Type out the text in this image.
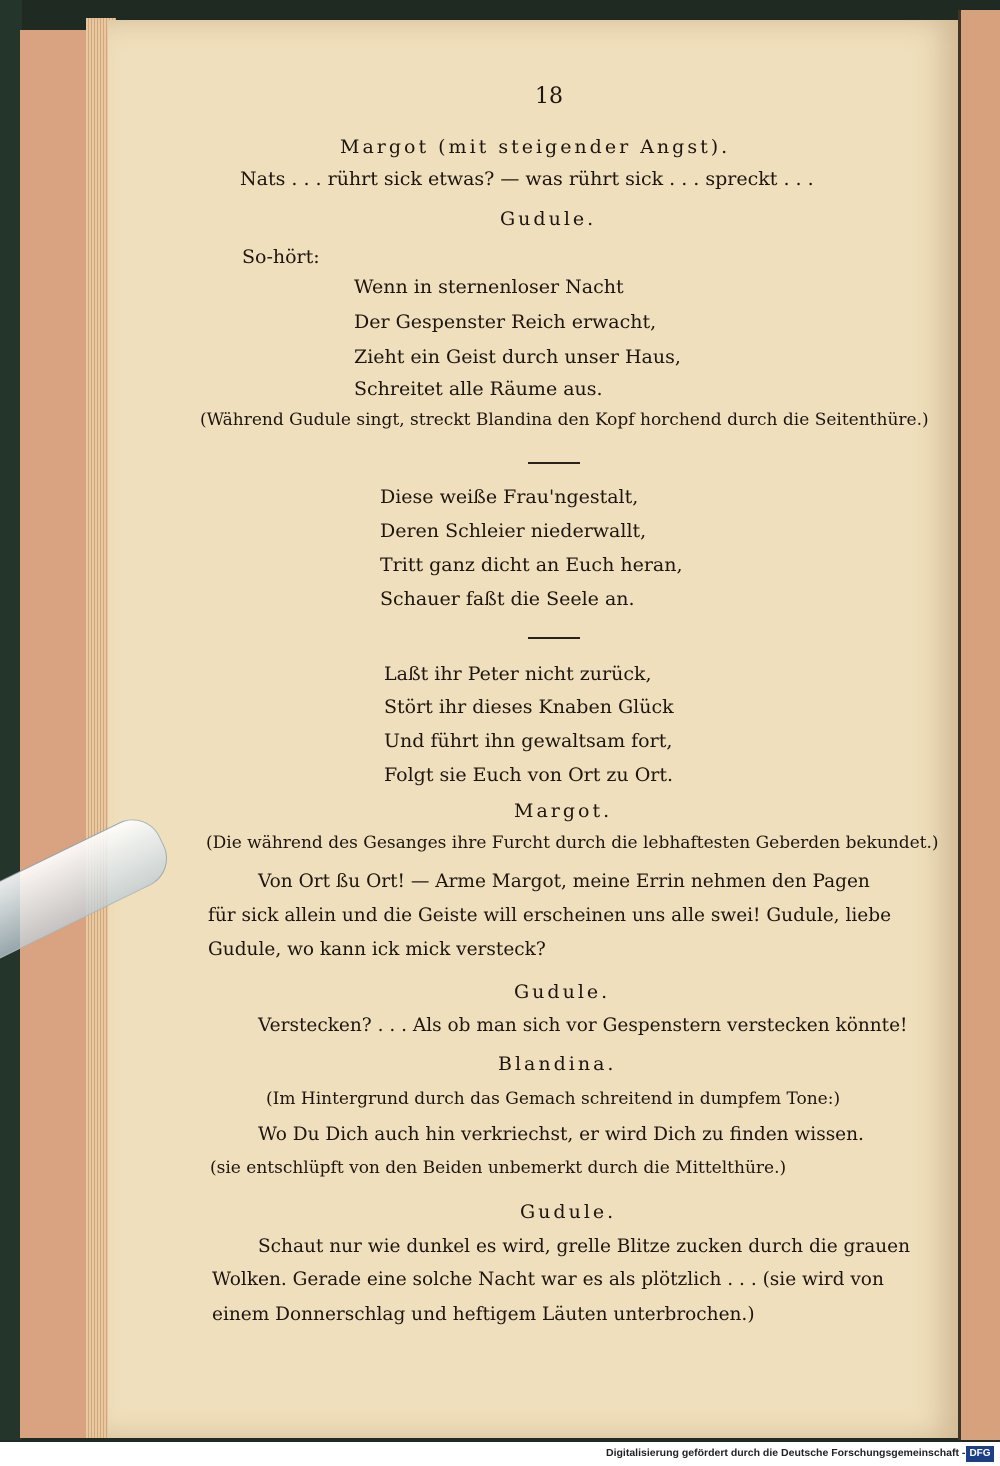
18
Margot (mit steigender Angst).
Nats . . . rührt sick etwas? — was rührt sick . . . spreckt . . .
Gudule.
So-hört:
Wenn in sternenloser Nacht
Der Gespenster Reich erwacht,
Zieht ein Geist durch unser Haus,
Schreitet alle Räume aus.
(Während Gudule singt, streckt Blandina den Kopf horchend durch die Seitenthüre.)
Diese weiße Frau'ngestalt,
Deren Schleier niederwallt,
Tritt ganz dicht an Euch heran,
Schauer faßt die Seele an.
Laßt ihr Peter nicht zurück,
Stört ihr dieses Knaben Glück
Und führt ihn gewaltsam fort,
Folgt sie Euch von Ort zu Ort.
Margot.
(Die während des Gesanges ihre Furcht durch die lebhaftesten Geberden bekundet.)
Von Ort ßu Ort! — Arme Margot, meine Errin nehmen den Pagen
für sick allein und die Geiste will erscheinen uns alle swei! Gudule, liebe
Gudule, wo kann ick mick versteck?
Gudule.
Verstecken? . . . Als ob man sich vor Gespenstern verstecken könnte!
Blandina.
(Im Hintergrund durch das Gemach schreitend in dumpfem Tone:)
Wo Du Dich auch hin verkriechst, er wird Dich zu finden wissen.
(sie entschlüpft von den Beiden unbemerkt durch die Mittelthüre.)
Gudule.
Schaut nur wie dunkel es wird, grelle Blitze zucken durch die grauen
Wolken. Gerade eine solche Nacht war es als plötzlich . . . (sie wird von
einem Donnerschlag und heftigem Läuten unterbrochen.)
Digitalisierung gefördert durch die Deutsche Forschungsgemeinschaft - DFG
